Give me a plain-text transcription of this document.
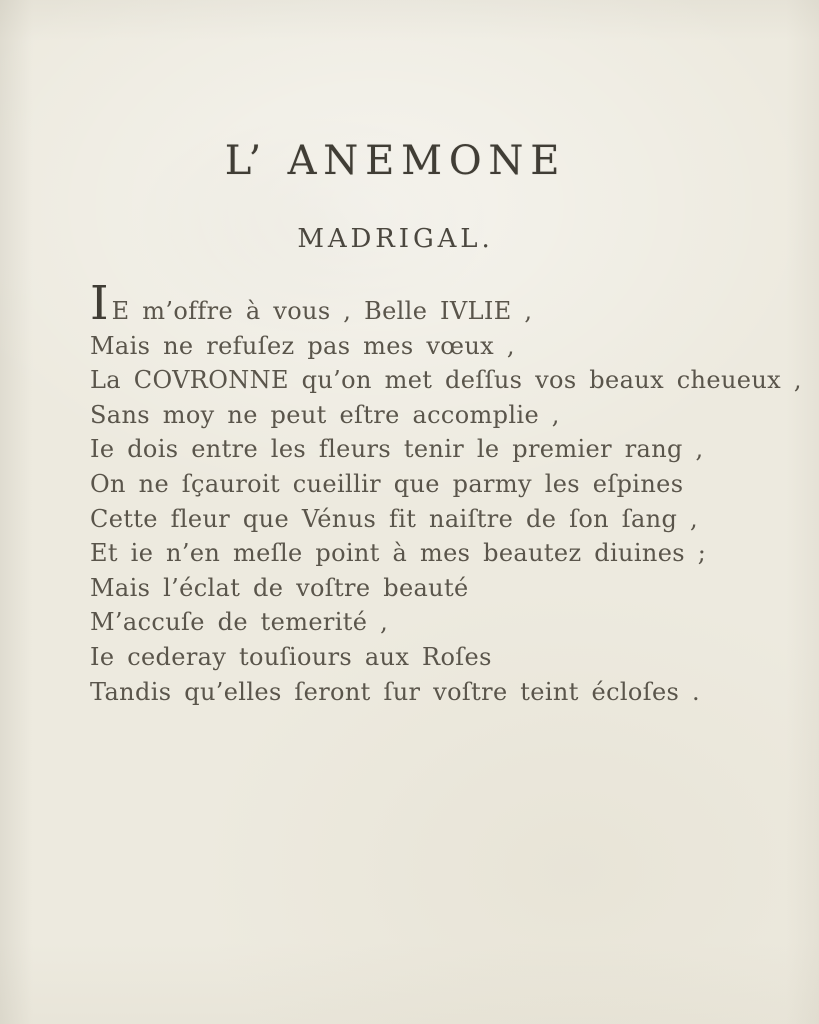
L’ ANEMONE
MADRIGAL.
I E m’offre à vous , Belle IVLIE ,
Mais ne refuſez pas mes vœux ,
La COVRONNE qu’on met deſſus vos beaux cheueux ,
Sans moy ne peut eſtre accomplie ,
Ie dois entre les fleurs tenir le premier rang ,
On ne ſçauroit cueillir que parmy les eſpines
Cette fleur que Vénus fit naiſtre de ſon ſang ,
Et ie n’en meſle point à mes beautez diuines ;
Mais l’éclat de voſtre beauté
M’accuſe de temerité ,
Ie cederay touſiours aux Roſes
Tandis qu’elles ſeront ſur voſtre teint écloſes .
